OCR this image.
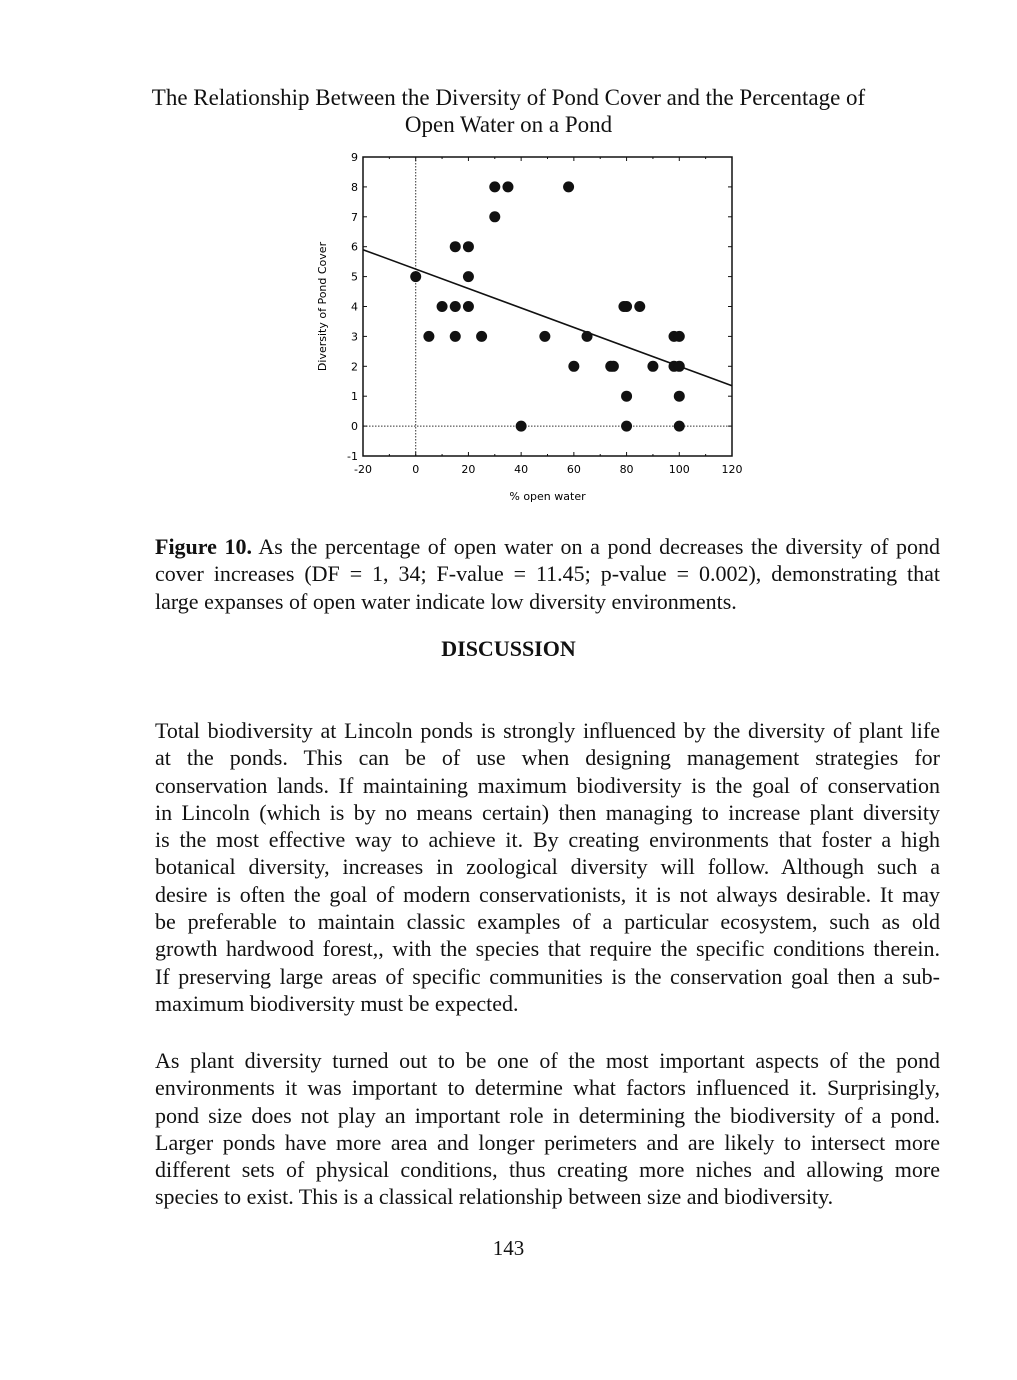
The Relationship Between the Diversity of Pond Cover and the Percentage of
Open Water on a Pond
-20	0	20	40	60	80	100	120
-1
0
1
2
3
4
5
6
7
8
9
% open water
Diversity of Pond Cover
Figure 10. As the percentage of open water on a pond decreases the diversity of pond
cover increases (DF = 1, 34; F-value = 11.45; p-value = 0.002), demonstrating that
large expanses of open water indicate low diversity environments.
DISCUSSION
Total biodiversity at Lincoln ponds is strongly influenced by the diversity of plant life
at the ponds. This can be of use when designing management strategies for
conservation lands. If maintaining maximum biodiversity is the goal of conservation
in Lincoln (which is by no means certain) then managing to increase plant diversity
is the most effective way to achieve it. By creating environments that foster a high
botanical diversity, increases in zoological diversity will follow. Although such a
desire is often the goal of modern conservationists, it is not always desirable. It may
be preferable to maintain classic examples of a particular ecosystem, such as old
growth hardwood forest,, with the species that require the specific conditions therein.
If preserving large areas of specific communities is the conservation goal then a sub-
maximum biodiversity must be expected.
As plant diversity turned out to be one of the most important aspects of the pond
environments it was important to determine what factors influenced it. Surprisingly,
pond size does not play an important role in determining the biodiversity of a pond.
Larger ponds have more area and longer perimeters and are likely to intersect more
different sets of physical conditions, thus creating more niches and allowing more
species to exist. This is a classical relationship between size and biodiversity.
143
